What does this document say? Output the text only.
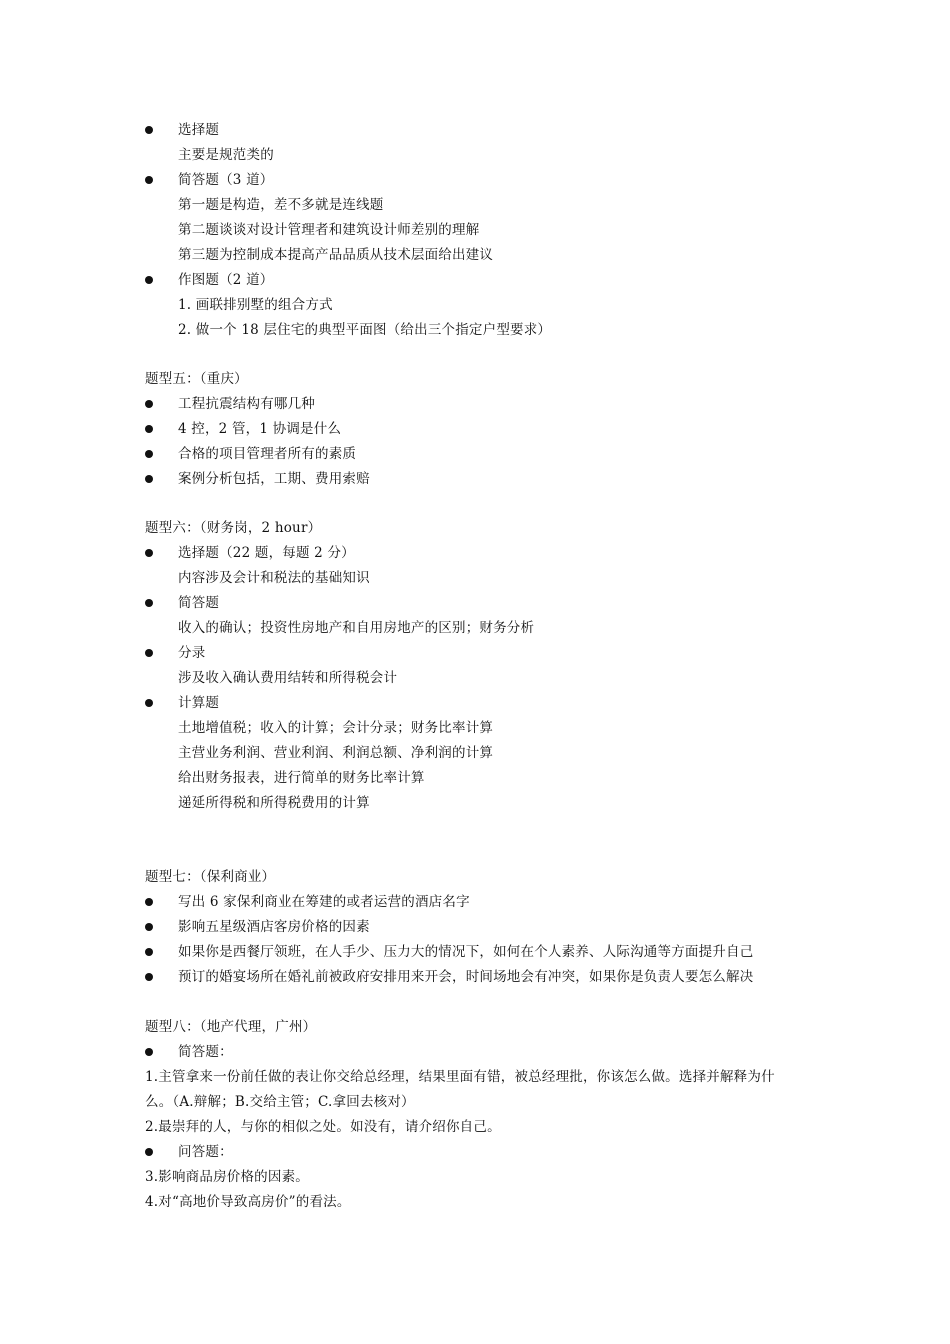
选择题
主要是规范类的
简答题（3 道）
第一题是构造，差不多就是连线题
第二题谈谈对设计管理者和建筑设计师差别的理解
第三题为控制成本提高产品品质从技术层面给出建议
作图题（2 道）
1. 画联排别墅的组合方式
2. 做一个 18 层住宅的典型平面图（给出三个指定户型要求）
题型五：（重庆）
工程抗震结构有哪几种
4 控，2 管，1 协调是什么
合格的项目管理者所有的素质
案例分析包括，工期、费用索赔
题型六：（财务岗，2 hour）
选择题（22 题，每题 2 分）
内容涉及会计和税法的基础知识
简答题
收入的确认；投资性房地产和自用房地产的区别；财务分析
分录
涉及收入确认费用结转和所得税会计
计算题
土地增值税；收入的计算；会计分录；财务比率计算
主营业务利润、营业利润、利润总额、净利润的计算
给出财务报表，进行简单的财务比率计算
递延所得税和所得税费用的计算
题型七：（保利商业）
写出 6 家保利商业在筹建的或者运营的酒店名字
影响五星级酒店客房价格的因素
如果你是西餐厅领班，在人手少、压力大的情况下，如何在个人素养、人际沟通等方面提升自己
预订的婚宴场所在婚礼前被政府安排用来开会，时间场地会有冲突，如果你是负责人要怎么解决
题型八：（地产代理，广州）
简答题：
1.主管拿来一份前任做的表让你交给总经理，结果里面有错，被总经理批，你该怎么做。选择并解释为什
么。（A.辩解；B.交给主管；C.拿回去核对）
2.最崇拜的人，与你的相似之处。如没有，请介绍你自己。
问答题：
3.影响商品房价格的因素。
4.对“高地价导致高房价”的看法。
